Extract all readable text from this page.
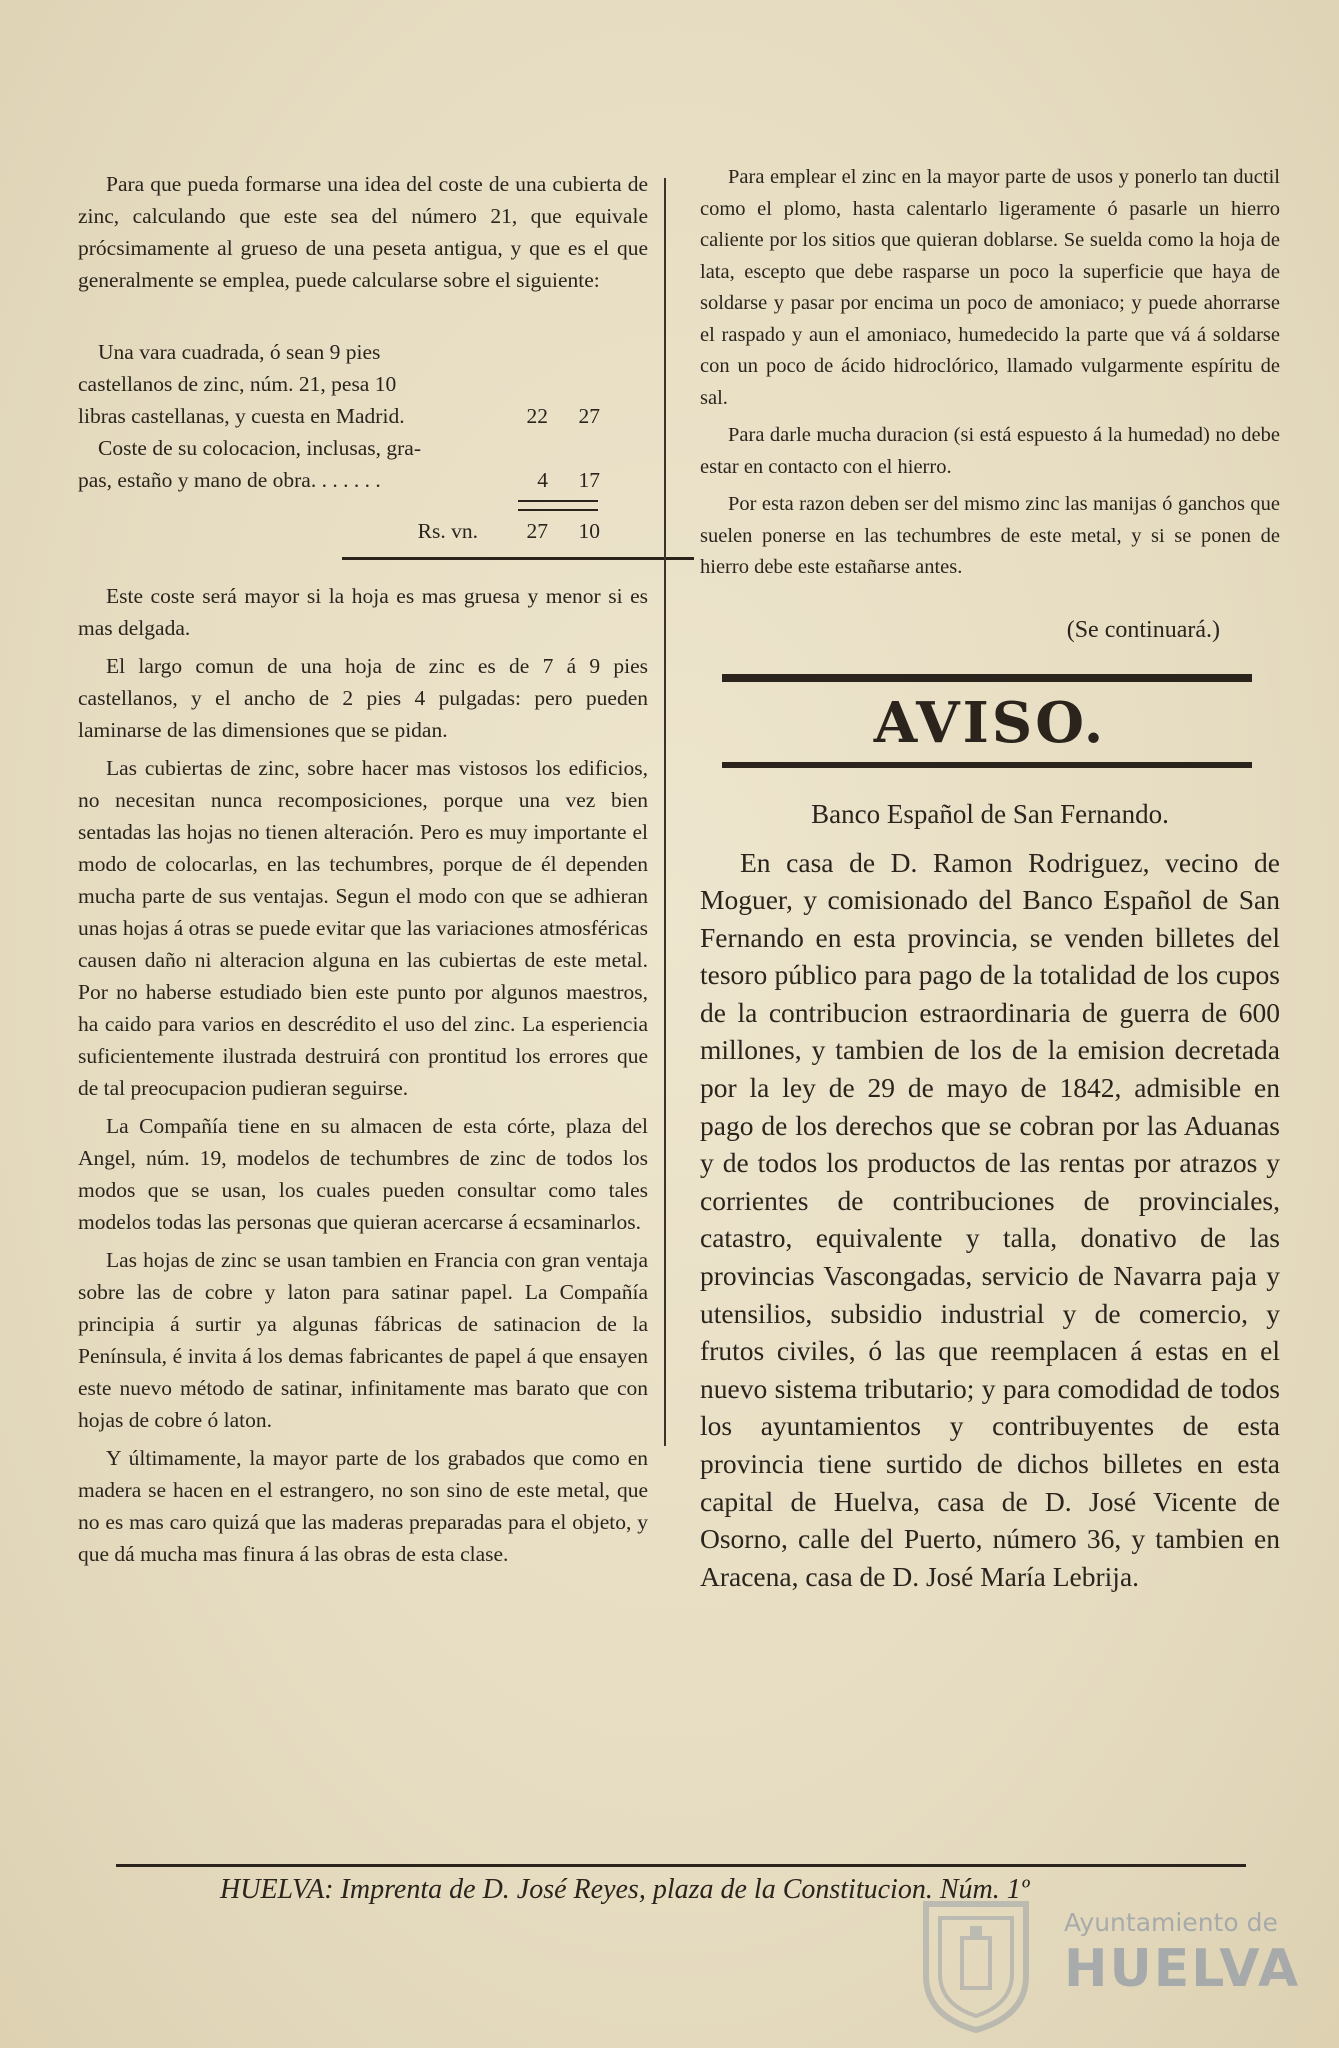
Para que pueda formarse una idea del coste de una cubierta de zinc, calculando que este sea del número 21, que equivale prócsimamente al grueso de una peseta antigua, y que es el que generalmente se emplea, puede calcularse sobre el siguiente:

Una vara cuadrada, ó sean 9 pies
castellanos de zinc, núm. 21, pesa 10
libras castellanas, y cuesta en Madrid.	22	27
Coste de su colocacion, inclusas, gra-
pas, estaño y mano de obra. . . . . . .	4	17
Rs. vn.	27	10

Este coste será mayor si la hoja es mas gruesa y menor si es mas delgada.

El largo comun de una hoja de zinc es de 7 á 9 pies castellanos, y el ancho de 2 pies 4 pulgadas: pero pueden laminarse de las dimensiones que se pidan.

Las cubiertas de zinc, sobre hacer mas vistosos los edificios, no necesitan nunca recomposiciones, porque una vez bien sentadas las hojas no tienen alteración. Pero es muy importante el modo de colocarlas, en las techumbres, porque de él dependen mucha parte de sus ventajas. Segun el modo con que se adhieran unas hojas á otras se puede evitar que las variaciones atmosféricas causen daño ni alteracion alguna en las cubiertas de este metal. Por no haberse estudiado bien este punto por algunos maestros, ha caido para varios en descrédito el uso del zinc. La esperiencia suficientemente ilustrada destruirá con prontitud los errores que de tal preocupacion pudieran seguirse.

La Compañía tiene en su almacen de esta córte, plaza del Angel, núm. 19, modelos de techumbres de zinc de todos los modos que se usan, los cuales pueden consultar como tales modelos todas las personas que quieran acercarse á ecsaminarlos.

Las hojas de zinc se usan tambien en Francia con gran ventaja sobre las de cobre y laton para satinar papel. La Compañía principia á surtir ya algunas fábricas de satinacion de la Península, é invita á los demas fabricantes de papel á que ensayen este nuevo método de satinar, infinitamente mas barato que con hojas de cobre ó laton.

Y últimamente, la mayor parte de los grabados que como en madera se hacen en el estrangero, no son sino de este metal, que no es mas caro quizá que las maderas preparadas para el objeto, y que dá mucha mas finura á las obras de esta clase.

Para emplear el zinc en la mayor parte de usos y ponerlo tan ductil como el plomo, hasta calentarlo ligeramente ó pasarle un hierro caliente por los sitios que quieran doblarse. Se suelda como la hoja de lata, escepto que debe rasparse un poco la superficie que haya de soldarse y pasar por encima un poco de amoniaco; y puede ahorrarse el raspado y aun el amoniaco, humedecido la parte que vá á soldarse con un poco de ácido hidroclórico, llamado vulgarmente espíritu de sal.

Para darle mucha duracion (si está espuesto á la humedad) no debe estar en contacto con el hierro.

Por esta razon deben ser del mismo zinc las manijas ó ganchos que suelen ponerse en las techumbres de este metal, y si se ponen de hierro debe este estañarse antes.

(Se continuará.)
AVISO.
Banco Español de San Fernando.

En casa de D. Ramon Rodriguez, vecino de Moguer, y comisionado del Banco Español de San Fernando en esta provincia, se venden billetes del tesoro público para pago de la totalidad de los cupos de la contribucion estraordinaria de guerra de 600 millones, y tambien de los de la emision decretada por la ley de 29 de mayo de 1842, admisible en pago de los derechos que se cobran por las Aduanas y de todos los productos de las rentas por atrazos y corrientes de contribuciones de provinciales, catastro, equivalente y talla, donativo de las provincias Vascongadas, servicio de Navarra paja y utensilios, subsidio industrial y de comercio, y frutos civiles, ó las que reemplacen á estas en el nuevo sistema tributario; y para comodidad de todos los ayuntamientos y contribuyentes de esta provincia tiene surtido de dichos billetes en esta capital de Huelva, casa de D. José Vicente de Osorno, calle del Puerto, número 36, y tambien en Aracena, casa de D. José María Lebrija.

HUELVA: Imprenta de D. José Reyes, plaza de la Constitucion. Núm. 1º
Ayuntamiento de
HUELVA
